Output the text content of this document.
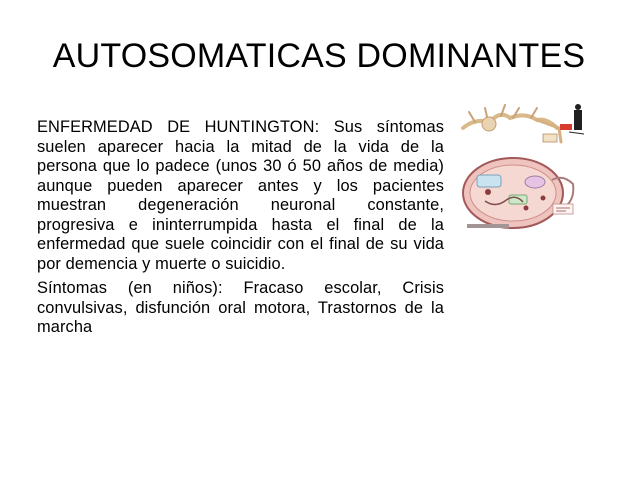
AUTOSOMATICAS DOMINANTES

ENFERMEDAD DE HUNTINGTON: Sus síntomas suelen aparecer hacia la mitad de la vida de la persona que lo padece (unos 30 ó 50 años de media) aunque pueden aparecer antes y los pacientes muestran degeneración neuronal constante, progresiva e ininterrumpida hasta el final de la enfermedad que suele coincidir con el final de su vida por demencia y muerte o suicidio.

Síntomas (en niños): Fracaso escolar, Crisis convulsivas, disfunción oral motora, Trastornos de la marcha
